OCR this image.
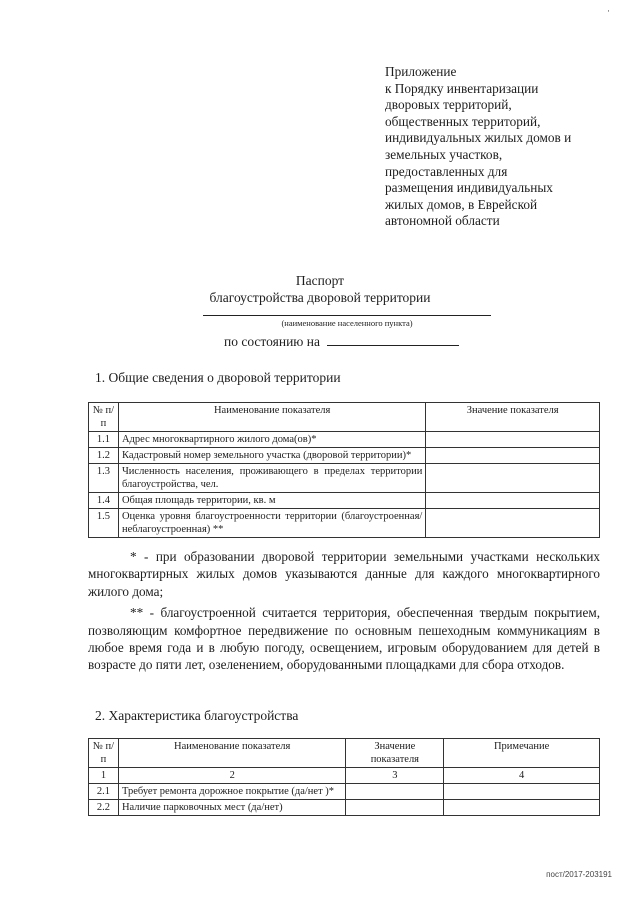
·
Приложение
к Порядку инвентаризации
дворовых территорий,
общественных территорий,
индивидуальных жилых домов и
земельных участков,
предоставленных для
размещения индивидуальных
жилых домов, в Еврейской
автономной области
Паспорт
благоустройства дворовой территории
(наименование населенного пункта)
по состоянию на
1. Общие сведения о дворовой территории
№ п/п	Наименование показателя	Значение показателя
1.1	Адрес многоквартирного жилого дома(ов)*	
1.2	Кадастровый номер земельного участка (дворовой территории)*	
1.3	Численность населения, проживающего в пределах территории благоустройства, чел.	
1.4	Общая площадь территории, кв. м	
1.5	Оценка уровня благоустроенности территории (благоустроенная/ неблагоустроенная) **	

* - при образовании дворовой территории земельными участками нескольких многоквартирных жилых домов указываются данные для каждого многоквартирного жилого дома;

** - благоустроенной считается территория, обеспеченная твердым покрытием, позволяющим комфортное передвижение по основным пешеходным коммуникациям в любое время года и в любую погоду, освещением, игровым оборудованием для детей в возрасте до пяти лет, озеленением, оборудованными площадками для сбора отходов.

2. Характеристика благоустройства
№ п/п	Наименование показателя	Значение показателя	Примечание
1	2	3	4
2.1	Требует ремонта дорожное покрытие (да/нет )*		
2.2	Наличие парковочных мест (да/нет)		
пост/2017-203191
